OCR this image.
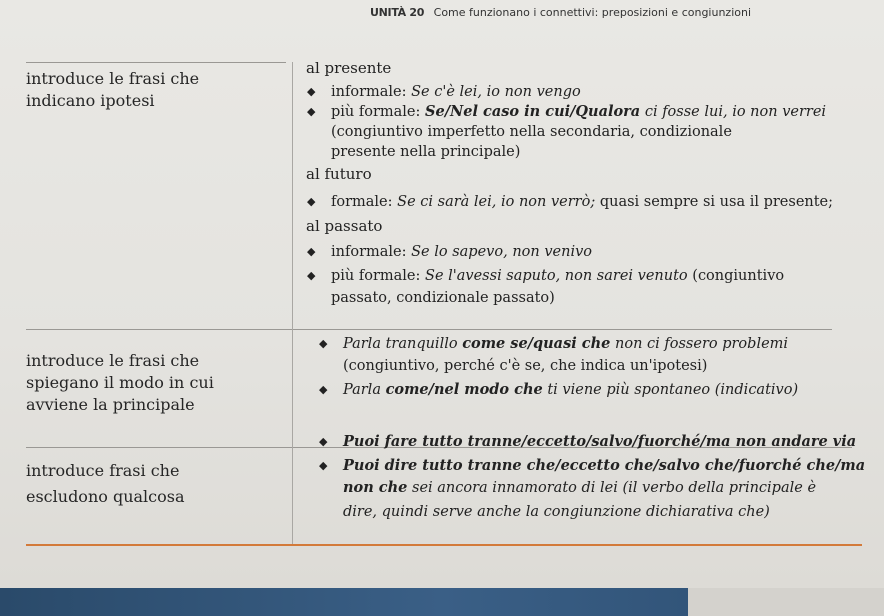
UNITÀ 20 Come funzionano i connettivi: preposizioni e congiunzioni
introduce le frasi che
indicano ipotesi
al presente
◆ informale: Se c'è lei, io non vengo
◆ più formale: Se/Nel caso in cui/Qualora ci fosse lui, io non verrei
(congiuntivo imperfetto nella secondaria, condizionale
presente nella principale)
al futuro
◆ formale: Se ci sarà lei, io non verrò; quasi sempre si usa il presente;
al passato
◆ informale: Se lo sapevo, non venivo
◆ più formale: Se l'avessi saputo, non sarei venuto (congiuntivo
passato, condizionale passato)
introduce le frasi che
spiegano il modo in cui
avviene la principale
◆ Parla tranquillo come se/quasi che non ci fossero problemi
(congiuntivo, perché c'è se, che indica un'ipotesi)
◆ Parla come/nel modo che ti viene più spontaneo (indicativo)
introduce frasi che
escludono qualcosa
◆ Puoi fare tutto tranne/eccetto/salvo/fuorché/ma non andare via
◆ Puoi dire tutto tranne che/eccetto che/salvo che/fuorché che/ma
non che sei ancora innamorato di lei (il verbo della principale è
dire, quindi serve anche la congiunzione dichiarativa che)
